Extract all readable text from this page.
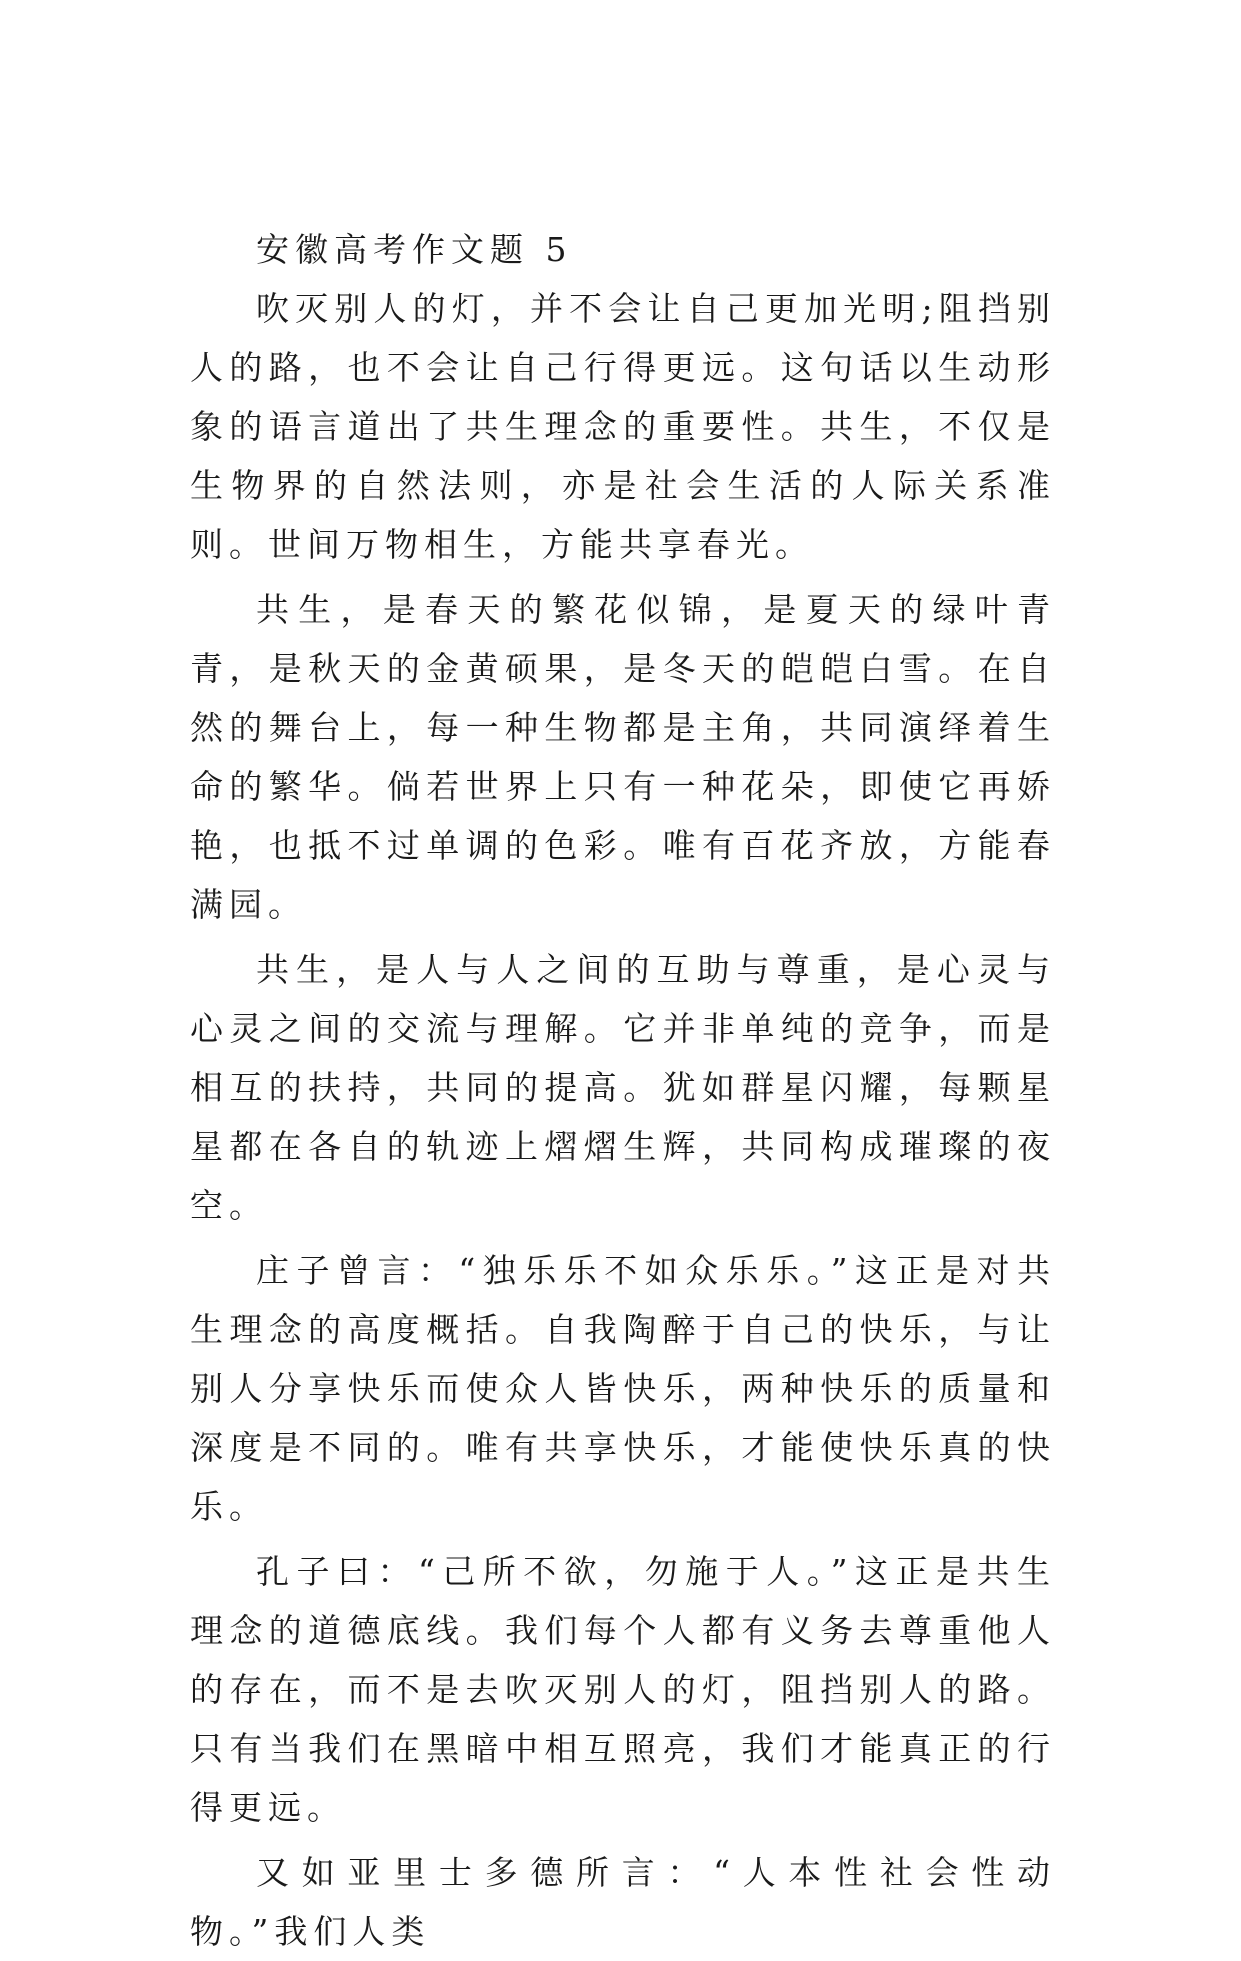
安徽高考作文题 5

吹灭别人的灯，并不会让自己更加光明;阻挡别人的路，也不会让自己行得更远。这句话以生动形象的语言道出了共生理念的重要性。共生，不仅是生物界的自然法则，亦是社会生活的人际关系准则。世间万物相生，方能共享春光。

共生，是春天的繁花似锦，是夏天的绿叶青青，是秋天的金黄硕果，是冬天的皑皑白雪。在自然的舞台上，每一种生物都是主角，共同演绎着生命的繁华。倘若世界上只有一种花朵，即使它再娇艳，也抵不过单调的色彩。唯有百花齐放，方能春满园。

共生，是人与人之间的互助与尊重，是心灵与心灵之间的交流与理解。它并非单纯的竞争，而是相互的扶持，共同的提高。犹如群星闪耀，每颗星星都在各自的轨迹上熠熠生辉，共同构成璀璨的夜空。

庄子曾言：“独乐乐不如众乐乐。”这正是对共生理念的高度概括。自我陶醉于自己的快乐，与让别人分享快乐而使众人皆快乐，两种快乐的质量和深度是不同的。唯有共享快乐，才能使快乐真的快乐。

孔子曰：“己所不欲，勿施于人。”这正是共生理念的道德底线。我们每个人都有义务去尊重他人的存在，而不是去吹灭别人的灯，阻挡别人的路。只有当我们在黑暗中相互照亮，我们才能真正的行得更远。

又如亚里士多德所言：“人本性社会性动物。”我们人类
